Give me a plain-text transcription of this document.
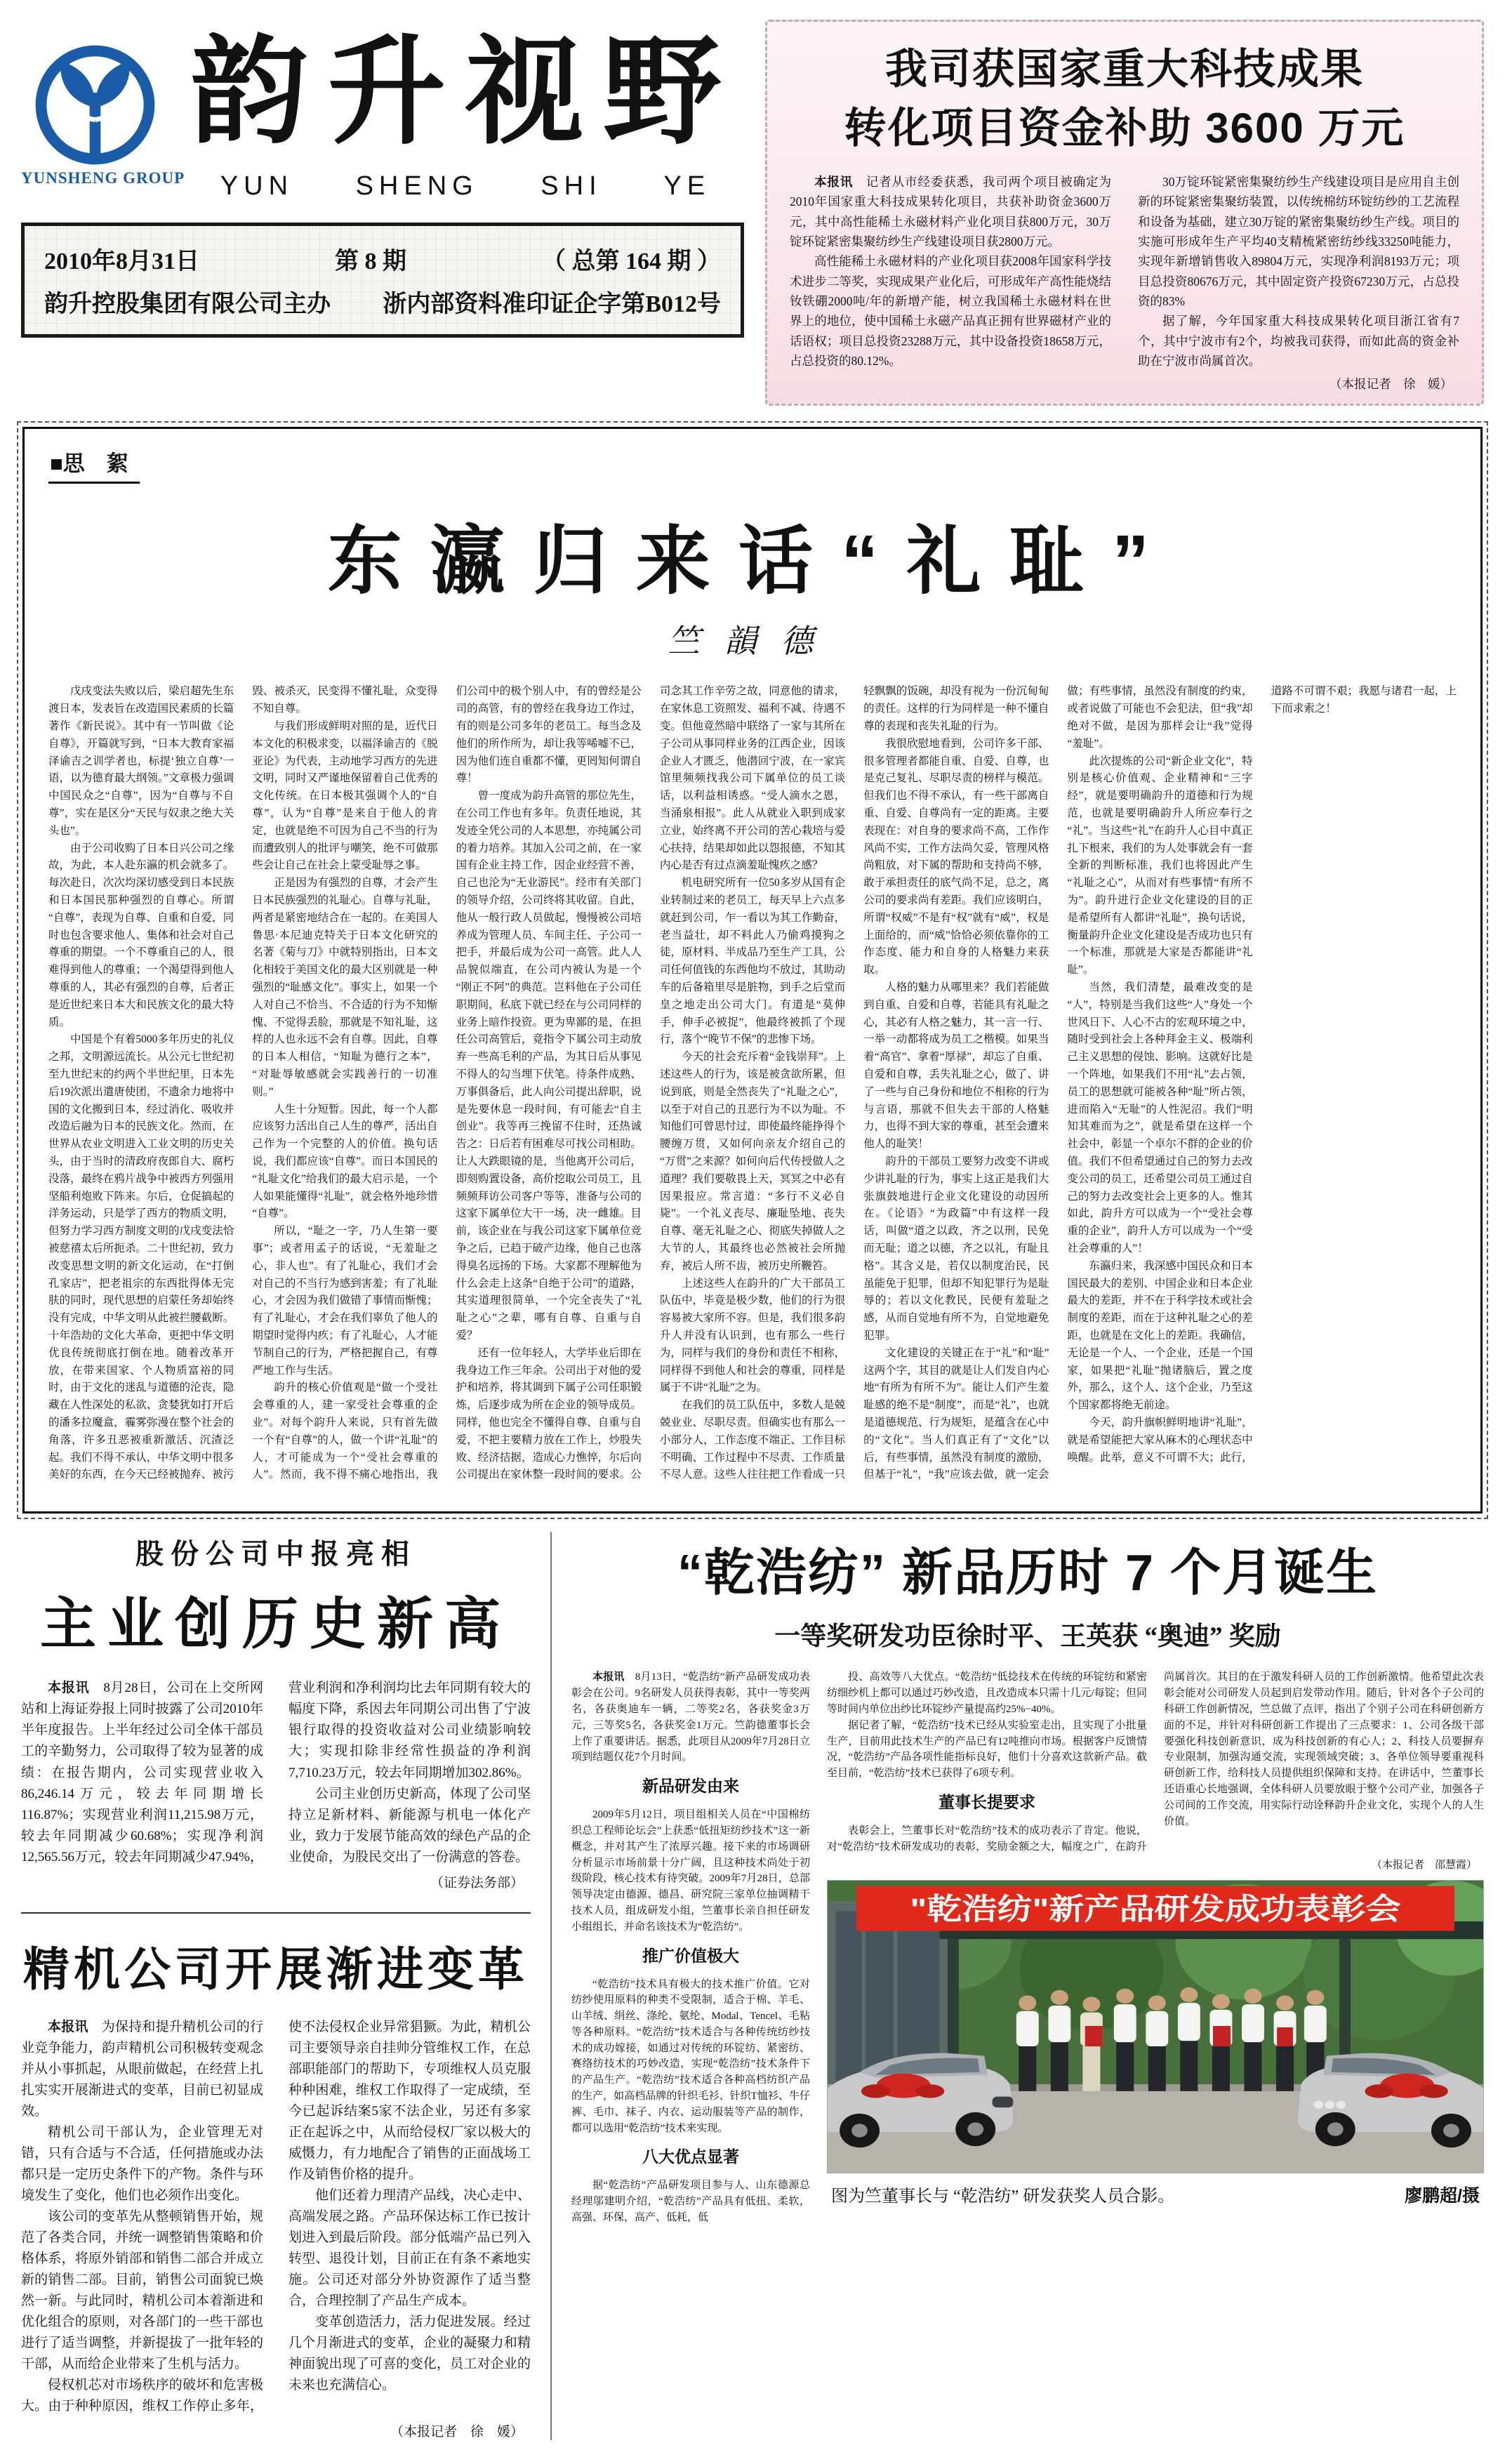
YUNSHENG GROUP
韵升视野
YUN SHENG SHI YE
2010年8月31日	第 8 期	（ 总第 164 期 ）
韵升控股集团有限公司主办 浙内部资料准印证企字第B012号
我司获国家重大科技成果
转化项目资金补助 3600 万元

本报讯　记者从市经委获悉，我司两个项目被确定为2010年国家重大科技成果转化项目，共获补助资金3600万元，其中高性能稀土永磁材料产业化项目获800万元，30万锭环锭紧密集聚纺纱生产线建设项目获2800万元。

高性能稀土永磁材料的产业化项目获2008年国家科学技术进步二等奖，实现成果产业化后，可形成年产高性能烧结钕铁硼2000吨/年的新增产能，树立我国稀土永磁材料在世界上的地位，使中国稀土永磁产品真正拥有世界磁材产业的话语权；项目总投资23288万元，其中设备投资18658万元，占总投资的80.12%。

30万锭环锭紧密集聚纺纱生产线建设项目是应用自主创新的环锭紧密集聚纺装置，以传统棉纺环锭纺纱的工艺流程和设备为基础，建立30万锭的紧密集聚纺纱生产线。项目的实施可形成年生产平均40支精梳紧密纺纱线33250吨能力，实现年新增销售收入89804万元，实现净利润8193万元；项目总投资80676万元，其中固定资产投资67230万元，占总投资的83%

据了解，今年国家重大科技成果转化项目浙江省有7个，其中宁波市有2个，均被我司获得，而如此高的资金补助在宁波市尚属首次。

（本报记者　徐　媛）
■思　絮
东瀛归来话“礼耻”
竺韻德

戊戌变法失败以后，梁启超先生东渡日本，发表旨在改造国民素质的长篇著作《新民说》。其中有一节叫做《论自尊》，开篇就写到，“日本大教育家福泽谕吉之训学者也，标提‘独立自尊’一语，以为德育最大纲领。”文章极力强调中国民众之“自尊”，因为“自尊与不自尊”，实在是区分“天民与奴隶之绝大关头也”。

由于公司收购了日本日兴公司之缘故，为此，本人赴东瀛的机会就多了。每次赴日，次次均深切感受到日本民族和日本国民那种强烈的自尊心。所谓“自尊”，表现为自尊、自重和自爱，同时也包含要求他人、集体和社会对自己尊重的期望。一个不尊重自己的人，很难得到他人的尊重；一个渴望得到他人尊重的人，其必有强烈的自尊，后者正是近世纪来日本大和民族文化的最大特质。

中国是个有着5000多年历史的礼仪之邦，文明源远流长。从公元七世纪初至九世纪末的约两个半世纪里，日本先后19次派出遣唐使团，不遗余力地将中国的文化搬到日本，经过消化、吸收并改造后融为日本的民族文化。然而，在世界从农业文明进入工业文明的历史关头，由于当时的清政府夜郎自大、腐朽没落，最终在鸦片战争中被西方列强用坚船利炮败下阵来。尔后，仓促搞起的洋务运动，只是学了西方的物质文明，但努力学习西方制度文明的戊戌变法恰被慈禧太后所扼杀。二十世纪初，致力改变思想文明的新文化运动，在“打倒孔家店”，把老祖宗的东西批得体无完肤的同时，现代思想的启蒙任务却始终没有完成，中华文明从此被拦腰截断。十年浩劫的文化大革命，更把中华文明优良传统彻底打倒在地。随着改革开放，在带来国家、个人物质富裕的同时，由于文化的迷乱与道德的沦丧，隐藏在人性深处的私欲、贪婪犹如打开后的潘多拉魔盒，霾雾弥漫在整个社会的角落，许多丑恶被重新激活、沉渣泛起。我们不得不承认，中华文明中很多美好的东西，在今天已经被抛弃、被污毁、被杀灭，民变得不懂礼耻，众变得不知自尊。

与我们形成鲜明对照的是，近代日本文化的积极求变，以福泽谕吉的《脱亚论》为代表，主动地学习西方的先进文明，同时又严谨地保留着自己优秀的文化传统。在日本极其强调个人的“自尊”，认为“自尊”是来自于他人的肯定，也就是绝不可因为自己不当的行为而遭致别人的批评与嘲笑，绝不可做那些会让自己在社会上蒙受耻辱之事。

正是因为有强烈的自尊，才会产生日本民族强烈的礼耻心。自尊与礼耻，两者是紧密地结合在一起的。在美国人鲁思·本尼迪克特关于日本文化研究的名著《菊与刀》中就特别指出，日本文化相较于美国文化的最大区别就是一种强烈的“耻感文化”。事实上，如果一个人对自己不恰当、不合适的行为不知惭愧、不觉得丢脸，那就是不知礼耻，这样的人也永远不会有自尊。因此，自尊的日本人相信，“知耻为德行之本”，“对耻辱敏感就会实践善行的一切准则。”

人生十分短暂。因此，每一个人都应该努力活出自己人生的尊严，活出自己作为一个完整的人的价值。换句话说，我们都应该“自尊”。而日本国民的“礼耻文化”给我们的最大启示是，一个人如果能懂得“礼耻”，就会格外地珍惜“自尊”。

所以，“耻之一字，乃人生第一要事”；或者用孟子的话说，“无羞耻之心，非人也”。有了礼耻心，我们才会对自己的不当行为感到害羞；有了礼耻心，才会因为我们做错了事情而惭愧；有了礼耻心，才会在我们辜负了他人的期望时觉得内疚；有了礼耻心，人才能节制自己的行为，严格把握自己，有尊严地工作与生活。

韵升的核心价值观是“做一个受社会尊重的人，建一家受社会尊重的企业”。对每个韵升人来说，只有首先做一个有“自尊”的人，做一个讲“礼耻”的人，才可能成为一个“受社会尊重的人”。然而，我不得不痛心地指出，我们公司中的极个别人中，有的曾经是公司的高管，有的曾经在我身边工作过，有的则是公司多年的老员工。每当念及他们的所作所为，却让我等唏嘘不已，因为他们连自重都不懂，更罔知何谓自尊！

曾一度成为韵升高管的那位先生，在公司工作也有多年。负责任地说，其发迹全凭公司的人本思想，亦纯属公司的着力培养。其加入公司之前，在一家国有企业主持工作，因企业经营不善，自己也沦为“无业游民”。经市有关部门的领导介绍，公司终将其收留。自此，他从一般行政人员做起，慢慢被公司培养成为管理人员、车间主任、子公司一把手，并最后成为公司一高管。此人人品貌似端直，在公司内被认为是一个“刚正不阿”的典范。岂料他在子公司任职期间，私底下就已经在与公司同样的业务上暗作投资。更为卑鄙的是，在担任公司高管后，竟指令下属公司主动放弃一些高毛利的产品，为其日后从事见不得人的勾当埋下伏笔。待条件成熟、万事俱备后，此人向公司提出辞职，说是先要休息一段时间，有可能去“自主创业”。我等再三挽留不住时，还热诚告之：日后若有困难尽可找公司相助。让人大跌眼镜的是，当他离开公司后，即刻购置设备，高价挖取公司员工，且频频拜访公司客户等等，准备与公司的这家下属单位大干一场，决一雌雄。目前，该企业在与我公司这家下属单位竞争之后，已趋于破产边缘，他自己也落得臭名远扬的下场。大家都不理解他为什么会走上这条“自绝于公司”的道路，其实道理很简单，一个完全丧失了“礼耻之心”之辈，哪有自尊、自重与自爱？

还有一位年轻人，大学毕业后即在我身边工作三年余。公司出于对他的爱护和培养，将其调到下属子公司任职锻炼，后逐步成为所在企业的领导成员。同样，他也完全不懂得自尊、自重与自爱，不把主要精力放在工作上，炒股失败、经济拮据，造成心力憔悴，尔后向公司提出在家休整一段时间的要求。公司念其工作辛劳之故，同意他的请求，在家休息工资照发、福利不减、待遇不变。但他竟然暗中联络了一家与其所在子公司从事同样业务的江西企业，因该企业人才匮乏，他潜回宁波，在一家宾馆里频频找我公司下属单位的员工谈话，以利益相诱惑。“受人滴水之恩，当涌泉相报”。此人从就业入职到成家立业，始终离不开公司的苦心栽培与爱心扶持，结果却如此以怨报德，不知其内心是否有过点滴羞耻愧疚之感？

机电研究所有一位50多岁从国有企业转制过来的老员工，每天早上六点多就赶到公司，乍一看以为其工作勤奋，老当益壮，却不料此人乃偷鸡摸狗之徒，原材料、半成品乃至生产工具，公司任何值钱的东西他均不放过，其助动车的后备箱里尽是脏物，到手之后堂而皇之地走出公司大门。有道是“莫伸手，伸手必被捉”，他最终被抓了个现行，落个“晚节不保”的悲惨下场。

今天的社会充斥着“金钱崇拜”。上述这些人的行为，该是被贪欲所累，但说到底，则是全然丧失了“礼耻之心”，以至于对自己的丑恶行为不以为耻。不知他们可曾思忖过，即使最终能挣得个腰缠万贯，又如何向亲友介绍自己的“万贯”之来源？如何向后代传授做人之道理？我们要敬畏上天，冥冥之中必有因果报应。常言道：“多行不义必自毙”。一个礼义丧尽、廉耻坠地、丧失自尊、毫无礼耻之心、彻底失掉做人之大节的人，其最终也必然被社会所抛弃，被后人所不齿，被历史所鞭笞。

上述这些人在韵升的广大干部员工队伍中，毕竟是极少数，他们的行为很容易被大家所不容。但是，我们很多韵升人并没有认识到，也有那么一些行为，同样与我们的身份和责任不相称，同样得不到他人和社会的尊重，同样是属于不讲“礼耻”之为。

在我们的员工队伍中，多数人是兢兢业业、尽职尽责。但确实也有那么一小部分人，工作态度不端正、工作目标不明确、工作过程中不尽责、工作质量不尽人意。这些人往往把工作看成一只轻飘飘的饭碗，却没有视为一份沉甸甸的责任。这样的行为同样是一种不懂自尊的表现和丧失礼耻的行为。

我很欣慰地看到，公司许多干部、很多管理者都能自重、自爱、自尊，也是克己复礼、尽职尽责的榜样与模范。但我们也不得不承认，有一些干部离自重、自爱、自尊尚有一定的距离。主要表现在：对自身的要求尚不高，工作作风尚不实，工作方法尚欠妥，管理风格尚粗放，对下属的帮助和支持尚不够，敢于承担责任的底气尚不足，总之，离公司的要求尚有差距。我们应该明白，所谓“权威”不是有“权”就有“威”，权是上面给的，而“威”恰恰必须依靠你的工作态度、能力和自身的人格魅力来获取。

人格的魅力从哪里来？我们若能做到自重、自爱和自尊，若能具有礼耻之心，其必有人格之魅力，其一言一行、一举一动都将成为员工之楷模。如果当着“高官”、拿着“厚禄”，却忘了自重、自爱和自尊，丢失礼耻之心，做了、讲了一些与自己身份和地位不相称的行为与言语，那就不但失去干部的人格魅力，也得不到大家的尊重，甚至会遭来他人的耻笑！

韵升的干部员工要努力改变不讲或少讲礼耻的行为，事实上这正是我们大张旗鼓地进行企业文化建设的动因所在。《论语》“为政篇”中有这样一段话，叫做“道之以政，齐之以刑，民免而无耻；道之以德，齐之以礼，有耻且格”。其含义是，若仅以制度治民，民虽能免于犯罪，但却不知犯罪行为是耻辱的；若以文化教民，民便有羞耻之感，从而自觉地有所不为，自觉地避免犯罪。

文化建设的关键正在于“礼”和“耻”这两个字，其目的就是让人们发自内心地“有所为有所不为”。能让人们产生羞耻感的绝不是“制度”，而是“礼”，也就是道德规范、行为规矩，是蕴含在心中的“文化”。当人们真正有了“文化”以后，有些事情，虽然没有制度的激励，但基于“礼”，“我”应该去做，就一定会做；有些事情，虽然没有制度的约束，或者说做了可能也不会犯法，但“我”却绝对不做，是因为那样会让“我”觉得“羞耻”。

此次提炼的公司“新企业文化”，特别是核心价值观、企业精神和“三字经”，就是要明确韵升的道德和行为规范，也就是要明确韵升人所应奉行之“礼”。当这些“礼”在韵升人心目中真正扎下根来，我们的为人处事就会有一套全新的判断标准，我们也将因此产生“礼耻之心”，从而对有些事情“有所不为”。韵升进行企业文化建设的目的正是希望所有人都讲“礼耻”，换句话说，衡量韵升企业文化建设是否成功也只有一个标准，那就是大家是否都能讲“礼耻”。

当然，我们清楚，最难改变的是“人”，特别是当我们这些“人”身处一个世风日下、人心不古的宏观环境之中，随时受到社会上各种拜金主义、极端利己主义思想的侵蚀、影响。这就好比是一个阵地，如果我们不用“礼”去占领，员工的思想就可能被各种“耻”所占领，进而陷入“无耻”的人性泥沼。我们“明知其难而为之”，就是希望在这样一个社会中，彰显一个卓尔不群的企业的价值。我们不但希望通过自己的努力去改变公司的员工，还希望公司员工通过自己的努力去改变社会上更多的人。惟其如此，韵升方可以成为一个“受社会尊重的企业”，韵升人方可以成为一个“受社会尊重的人”！

东瀛归来，我深感中国民众和日本国民最大的差别、中国企业和日本企业最大的差距，并不在于科学技术或社会制度的差距，而在于这种礼耻之心的差距，也就是在文化上的差距。我确信，无论是一个人、一个企业，还是一个国家，如果把“礼耻”抛诸脑后，置之度外，那么，这个人、这个企业，乃至这个国家都将绝无前途。

今天，韵升旗帜鲜明地讲“礼耻”，就是希望能把大家从麻木的心理状态中唤醒。此举，意义不可谓不大；此行，道路不可谓不艰；我愿与诸君一起，上下而求索之！

股份公司中报亮相
主业创历史新高

本报讯　8月28日，公司在上交所网站和上海证券报上同时披露了公司2010年半年度报告。上半年经过公司全体干部员工的辛勤努力，公司取得了较为显著的成绩：在报告期内，公司实现营业收入86,246.14万元，较去年同期增长116.87%；实现营业利润11,215.98万元，较去年同期减少60.68%；实现净利润12,565.56万元，较去年同期减少47.94%，营业利润和净利润均比去年同期有较大的幅度下降，系因去年同期公司出售了宁波银行取得的投资收益对公司业绩影响较大；实现扣除非经常性损益的净利润7,710.23万元，较去年同期增加302.86%。

公司主业创历史新高，体现了公司坚持立足新材料、新能源与机电一体化产业，致力于发展节能高效的绿色产品的企业使命，为股民交出了一份满意的答卷。

（证券法务部）
精机公司开展渐进变革

本报讯　为保持和提升精机公司的行业竞争能力，韵声精机公司积极转变观念并从小事抓起，从眼前做起，在经营上扎扎实实开展渐进式的变革，目前已初显成效。

精机公司干部认为，企业管理无对错，只有合适与不合适，任何措施或办法都只是一定历史条件下的产物。条件与环境发生了变化，他们也必须作出变化。

该公司的变革先从整顿销售开始，规范了各类合同，并统一调整销售策略和价格体系，将原外销部和销售二部合并成立新的销售二部。目前，销售公司面貌已焕然一新。与此同时，精机公司本着渐进和优化组合的原则，对各部门的一些干部也进行了适当调整，并新提拔了一批年轻的干部，从而给企业带来了生机与活力。

侵权机芯对市场秩序的破坏和危害极大。由于种种原因，维权工作停止多年，使不法侵权企业异常猖獗。为此，精机公司主要领导亲自挂帅分管维权工作，在总部职能部门的帮助下，专项维权人员克服种种困难，维权工作取得了一定成绩，至今已起诉结案5家不法企业，另还有多家正在起诉之中，从而给侵权厂家以极大的威慑力，有力地配合了销售的正面战场工作及销售价格的提升。

他们还着力理清产品线，决心走中、高端发展之路。产品环保达标工作已按计划进入到最后阶段。部分低端产品已列入转型、退役计划，目前正在有条不紊地实施。公司还对部分外协资源作了适当整合，合理控制了产品生产成本。

变革创造活力，活力促进发展。经过几个月渐进式的变革，企业的凝聚力和精神面貌出现了可喜的变化，员工对企业的未来也充满信心。

（本报记者　徐　媛）
“乾浩纺” 新品历时 7 个月诞生
一等奖研发功臣徐时平、王英获 “奥迪” 奖励

本报讯　8月13日，“乾浩纺”新产品研发成功表彰会在公司。9名研发人员获得表彰，其中一等奖两名，各获奥迪车一辆，二等奖2名，各获奖金3万元，三等奖5名，各获奖金1万元。竺韵德董事长会上作了重要讲话。据悉，此项目从2009年7月28日立项到结题仅花7个月时间。

新品研发由来

2009年5月12日，项目组相关人员在“中国棉纺织总工程师论坛会”上获悉“低扭矩纺纱技术”这一新概念，并对其产生了浓厚兴趣。接下来的市场调研分析显示市场前景十分广阔，且这种技术尚处于初级阶段，核心技术有待突破。2009年7月28日，总部领导决定由德源、德昌、研究院三家单位抽调精干技术人员，组成研发小组，竺董事长亲自担任研发小组组长，并命名该技术为“乾浩纺”。

推广价值极大

“乾浩纺”技术具有极大的技术推广价值。它对纺纱使用原料的种类不受限制，适合于棉、羊毛、山羊绒、绢丝、涤纶、氨纶、Modal、Tencel、毛粘等各种原料。“乾浩纺”技术适合与各种传统纺纱技术的成功嫁接，如通过对传统的环锭纺、紧密纺、赛络纺技术的巧妙改造，实现“乾浩纺”技术条件下的产品生产。“乾浩纺”技术适合各种高档纺织产品的生产，如高档品牌的针织毛衫、针织T恤衫、牛仔裤、毛巾、袜子、内衣、运动服装等产品的制作，都可以选用“乾浩纺”技术来实现。

八大优点显著

据“乾浩纺”产品研发项目参与人、山东德源总经理邬建明介绍，“乾浩纺”产品具有低扭、柔软，高强、环保，高产、低耗，低

投、高效等八大优点。“乾浩纺”低捻技术在传统的环锭纺和紧密纺细纱机上都可以通过巧妙改造，且改造成本只需十几元/每锭；但同等时间内单位出纱比环锭纱产量提高约25%−40%。

据记者了解，“乾浩纺”技术已经从实验室走出，且实现了小批量生产，目前用此技术生产的产品已有12吨推向市场。根据客户反馈情况，“乾浩纺”产品各项性能指标良好，他们十分喜欢这款新产品。截至目前，“乾浩纺”技术已获得了6项专利。

董事长提要求

表彰会上，竺董事长对“乾浩纺”技术的成功表示了肯定。他说，对“乾浩纺”技术研发成功的表彰，奖励金额之大，幅度之广，在韵升尚属首次。其目的在于激发科研人员的工作创新激情。他希望此次表彰会能对公司研发人员起到启发带动作用。随后，针对各个子公司的科研工作创新情况，竺总做了点评，指出了个别子公司在科研创新方面的不足，并针对科研创新工作提出了三点要求：1、公司各级干部要强化科技创新意识，成为科技创新的有心人；2、科技人员要摒弃专业限制，加强沟通交流，实现领域突破；3、各单位领导要重视科研创新工作，给科技人员提供组织保障和支持。在讲话中，竺董事长还语重心长地强调，全体科研人员要放眼于整个公司产业，加强各子公司间的工作交流，用实际行动诠释韵升企业文化，实现个人的人生价值。

（本报记者　邵慧霞）
"乾浩纺"新产品研发成功表彰会
图为竺董事长与 “乾浩纺” 研发获奖人员合影。	廖鹏超/摄
